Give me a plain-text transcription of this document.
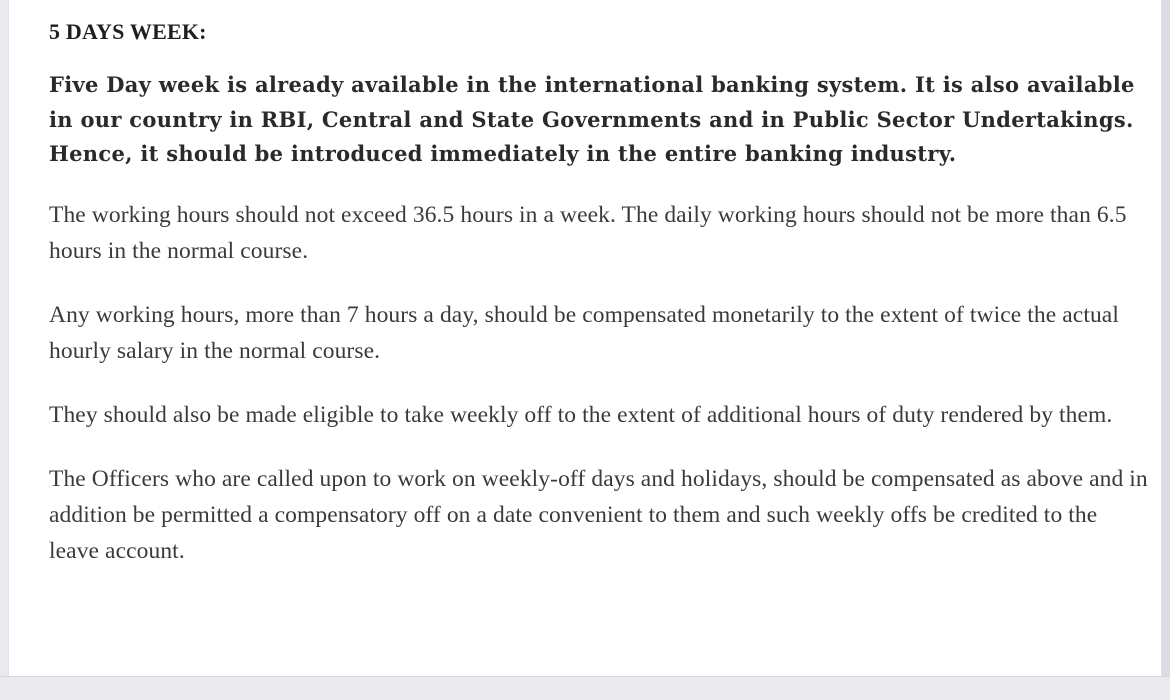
5 DAYS WEEK:

Five Day week is already available in the international banking system. It is also available in our country in RBI, Central and State Governments and in Public Sector Undertakings. Hence, it should be introduced immediately in the entire banking industry.

The working hours should not exceed 36.5 hours in a week. The daily working hours should not be more than 6.5 hours in the normal course.

Any working hours, more than 7 hours a day, should be compensated monetarily to the extent of twice the actual hourly salary in the normal course.

They should also be made eligible to take weekly off to the extent of additional hours of duty rendered by them.

The Officers who are called upon to work on weekly-off days and holidays, should be compensated as above and in addition be permitted a compensatory off on a date convenient to them and such weekly offs be credited to the leave account.
